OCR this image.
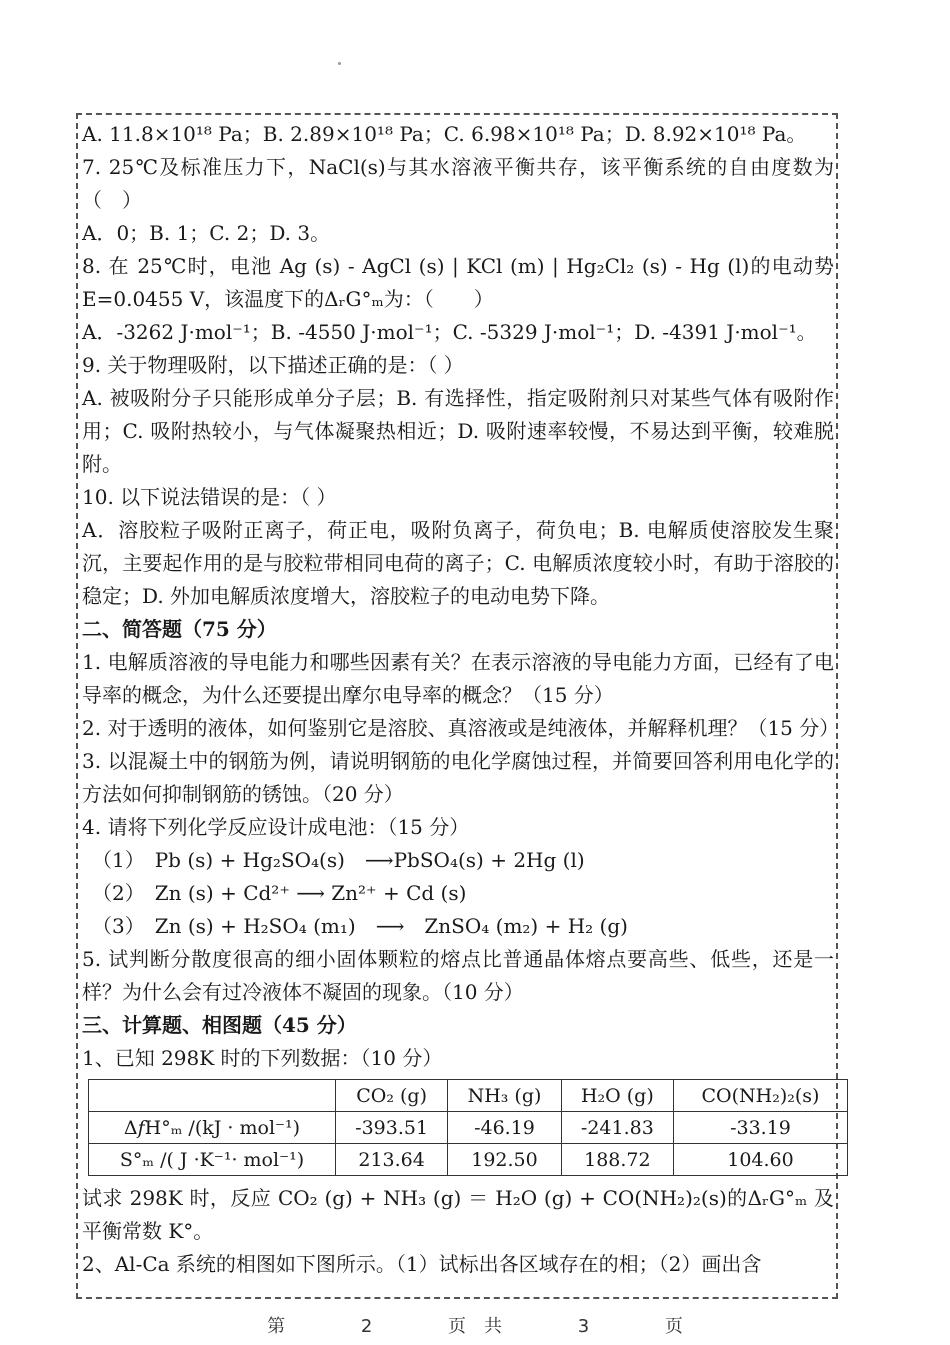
A. 11.8×10¹⁸ Pa；B. 2.89×10¹⁸ Pa；C. 6.98×10¹⁸ Pa；D. 8.92×10¹⁸ Pa。
7. 25℃及标准压力下，NaCl(s)与其水溶液平衡共存，该平衡系统的自由度数为（　）
A．0；B. 1；C. 2；D. 3。
8. 在 25℃时，电池 Ag (s) - AgCl (s) | KCl (m) | Hg₂Cl₂ (s) - Hg (l)的电动势 E=0.0455 V，该温度下的ΔᵣG°ₘ为：（　　）
A．-3262 J·mol⁻¹；B. -4550 J·mol⁻¹；C. -5329 J·mol⁻¹；D. -4391 J·mol⁻¹。
9. 关于物理吸附，以下描述正确的是：（ ）
A. 被吸附分子只能形成单分子层；B. 有选择性，指定吸附剂只对某些气体有吸附作用；C. 吸附热较小，与气体凝聚热相近；D. 吸附速率较慢，不易达到平衡，较难脱附。
10. 以下说法错误的是：（ ）
A．溶胶粒子吸附正离子，荷正电，吸附负离子，荷负电；B. 电解质使溶胶发生聚沉，主要起作用的是与胶粒带相同电荷的离子；C. 电解质浓度较小时，有助于溶胶的稳定；D. 外加电解质浓度增大，溶胶粒子的电动电势下降。
二、简答题（75 分）
1. 电解质溶液的导电能力和哪些因素有关？在表示溶液的导电能力方面，已经有了电导率的概念，为什么还要提出摩尔电导率的概念？（15 分）
2. 对于透明的液体，如何鉴别它是溶胶、真溶液或是纯液体，并解释机理？（15 分）
3. 以混凝土中的钢筋为例，请说明钢筋的电化学腐蚀过程，并简要回答利用电化学的方法如何抑制钢筋的锈蚀。（20 分）
4. 请将下列化学反应设计成电池：（15 分）
（1）　Pb (s) + Hg₂SO₄(s)　⟶PbSO₄(s) + 2Hg (l)
（2）　Zn (s) + Cd²⁺ ⟶ Zn²⁺ + Cd (s)
（3）　Zn (s) + H₂SO₄ (m₁)　⟶　ZnSO₄ (m₂) + H₂ (g)
5. 试判断分散度很高的细小固体颗粒的熔点比普通晶体熔点要高些、低些，还是一样？为什么会有过冷液体不凝固的现象。（10 分）
三、计算题、相图题（45 分）
1、已知 298K 时的下列数据：（10 分）
	CO₂ (g)	NH₃ (g)	H₂O (g)	CO(NH₂)₂(s)
Δ𝑓H°ₘ /(kJ · mol⁻¹)	-393.51	-46.19	-241.83	-33.19
S°ₘ /( J ·K⁻¹· mol⁻¹)	213.64	192.50	188.72	104.60
试求 298K 时，反应 CO₂ (g) + NH₃ (g) ＝ H₂O (g) + CO(NH₂)₂(s)的ΔᵣG°ₘ 及平衡常数 K°。
2、Al-Ca 系统的相图如下图所示。（1）试标出各区域存在的相；（2）画出含
第 2 页　共 3 页
